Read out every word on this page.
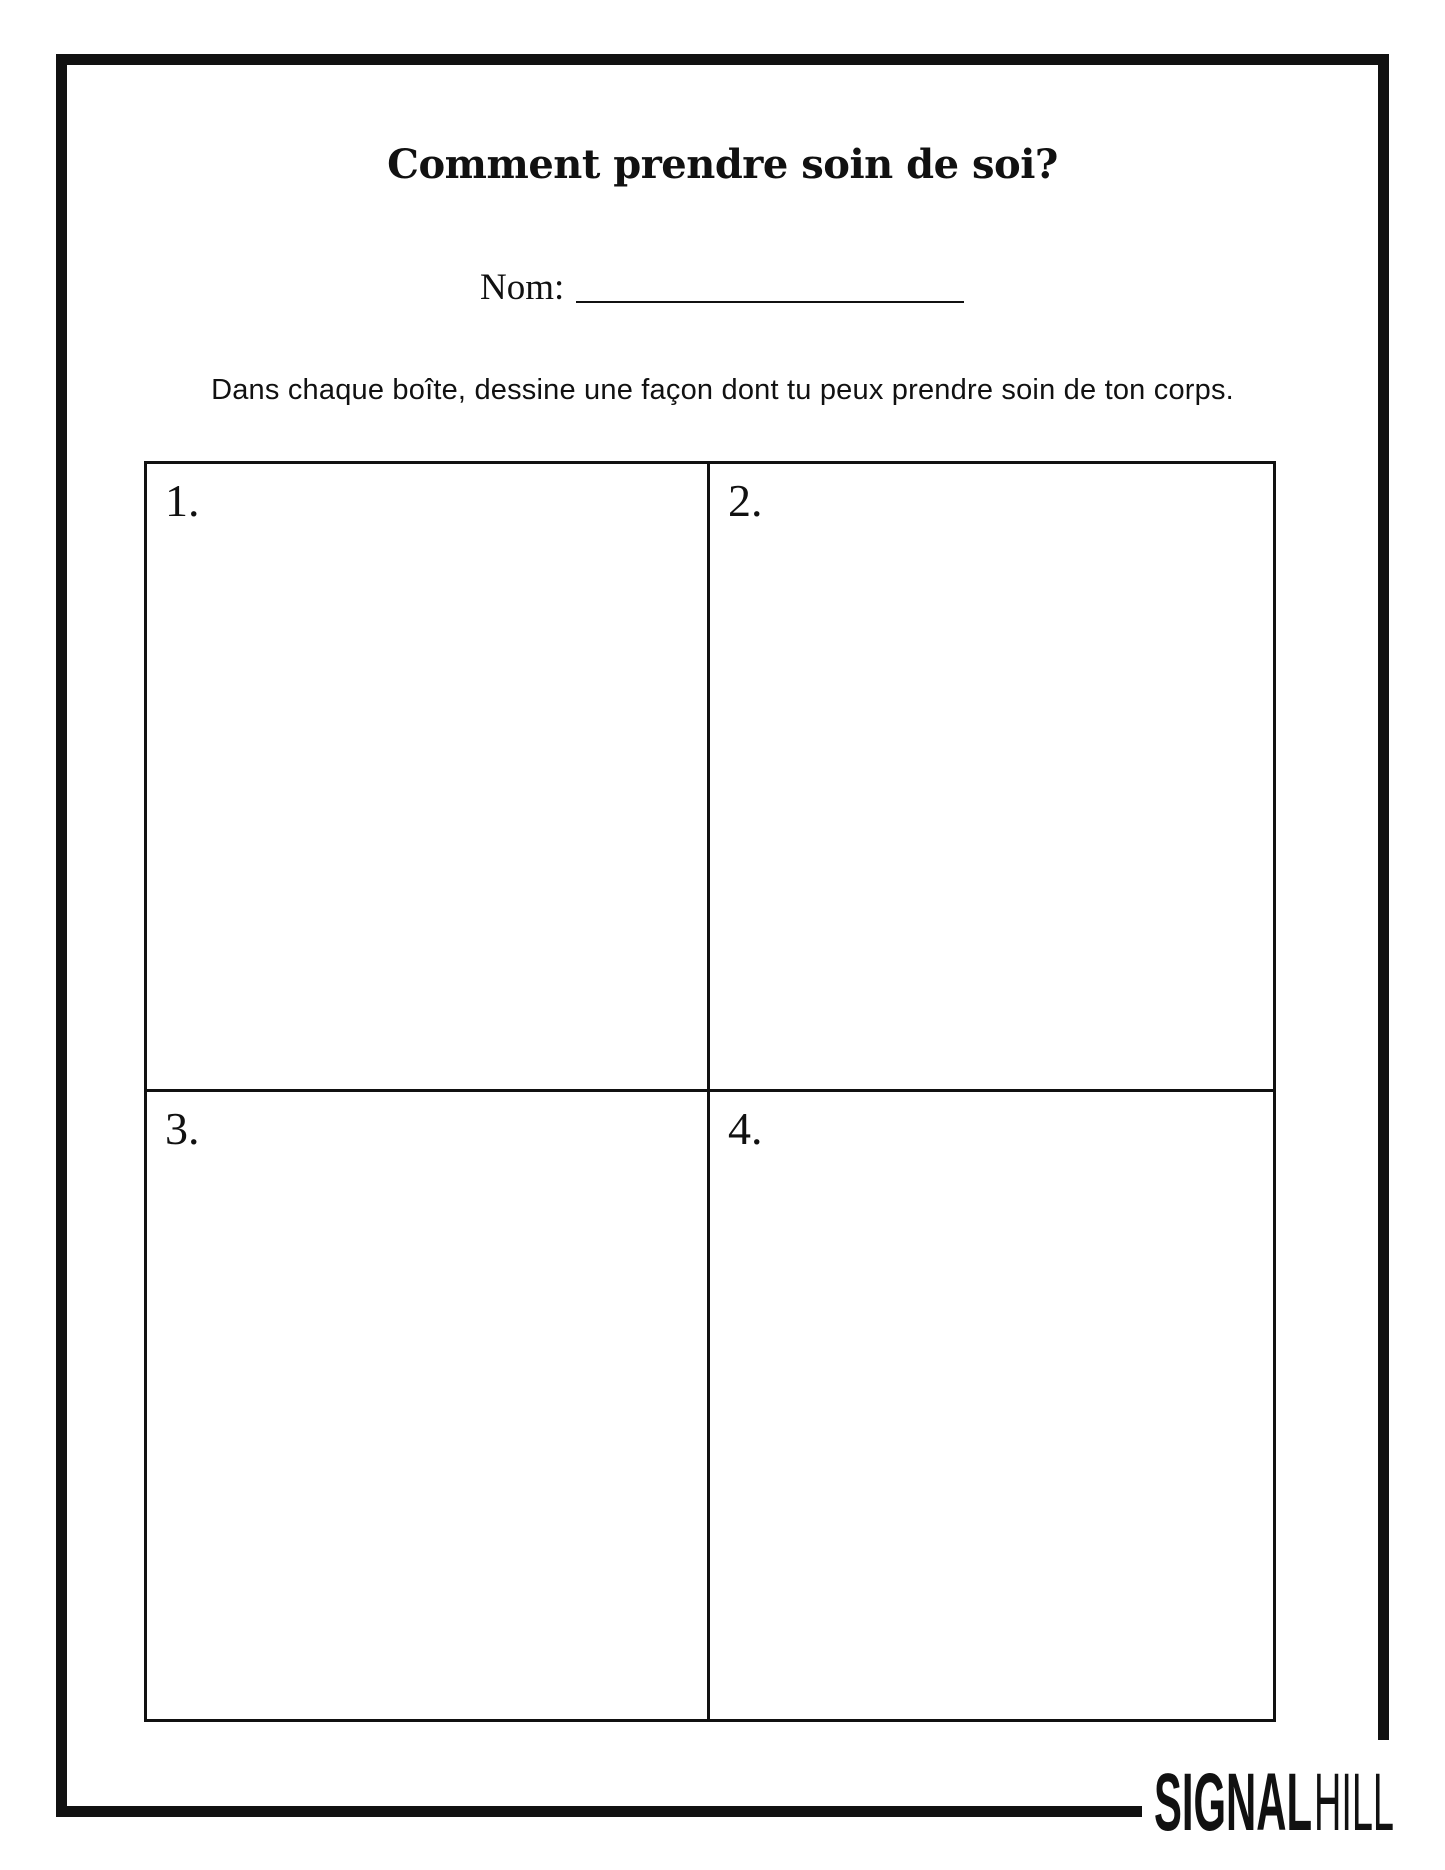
Comment prendre soin de soi?
Nom:
Dans chaque boîte, dessine une façon dont tu peux prendre soin de ton corps.
1.	2.
3.	4.
SIGNAL HILL
